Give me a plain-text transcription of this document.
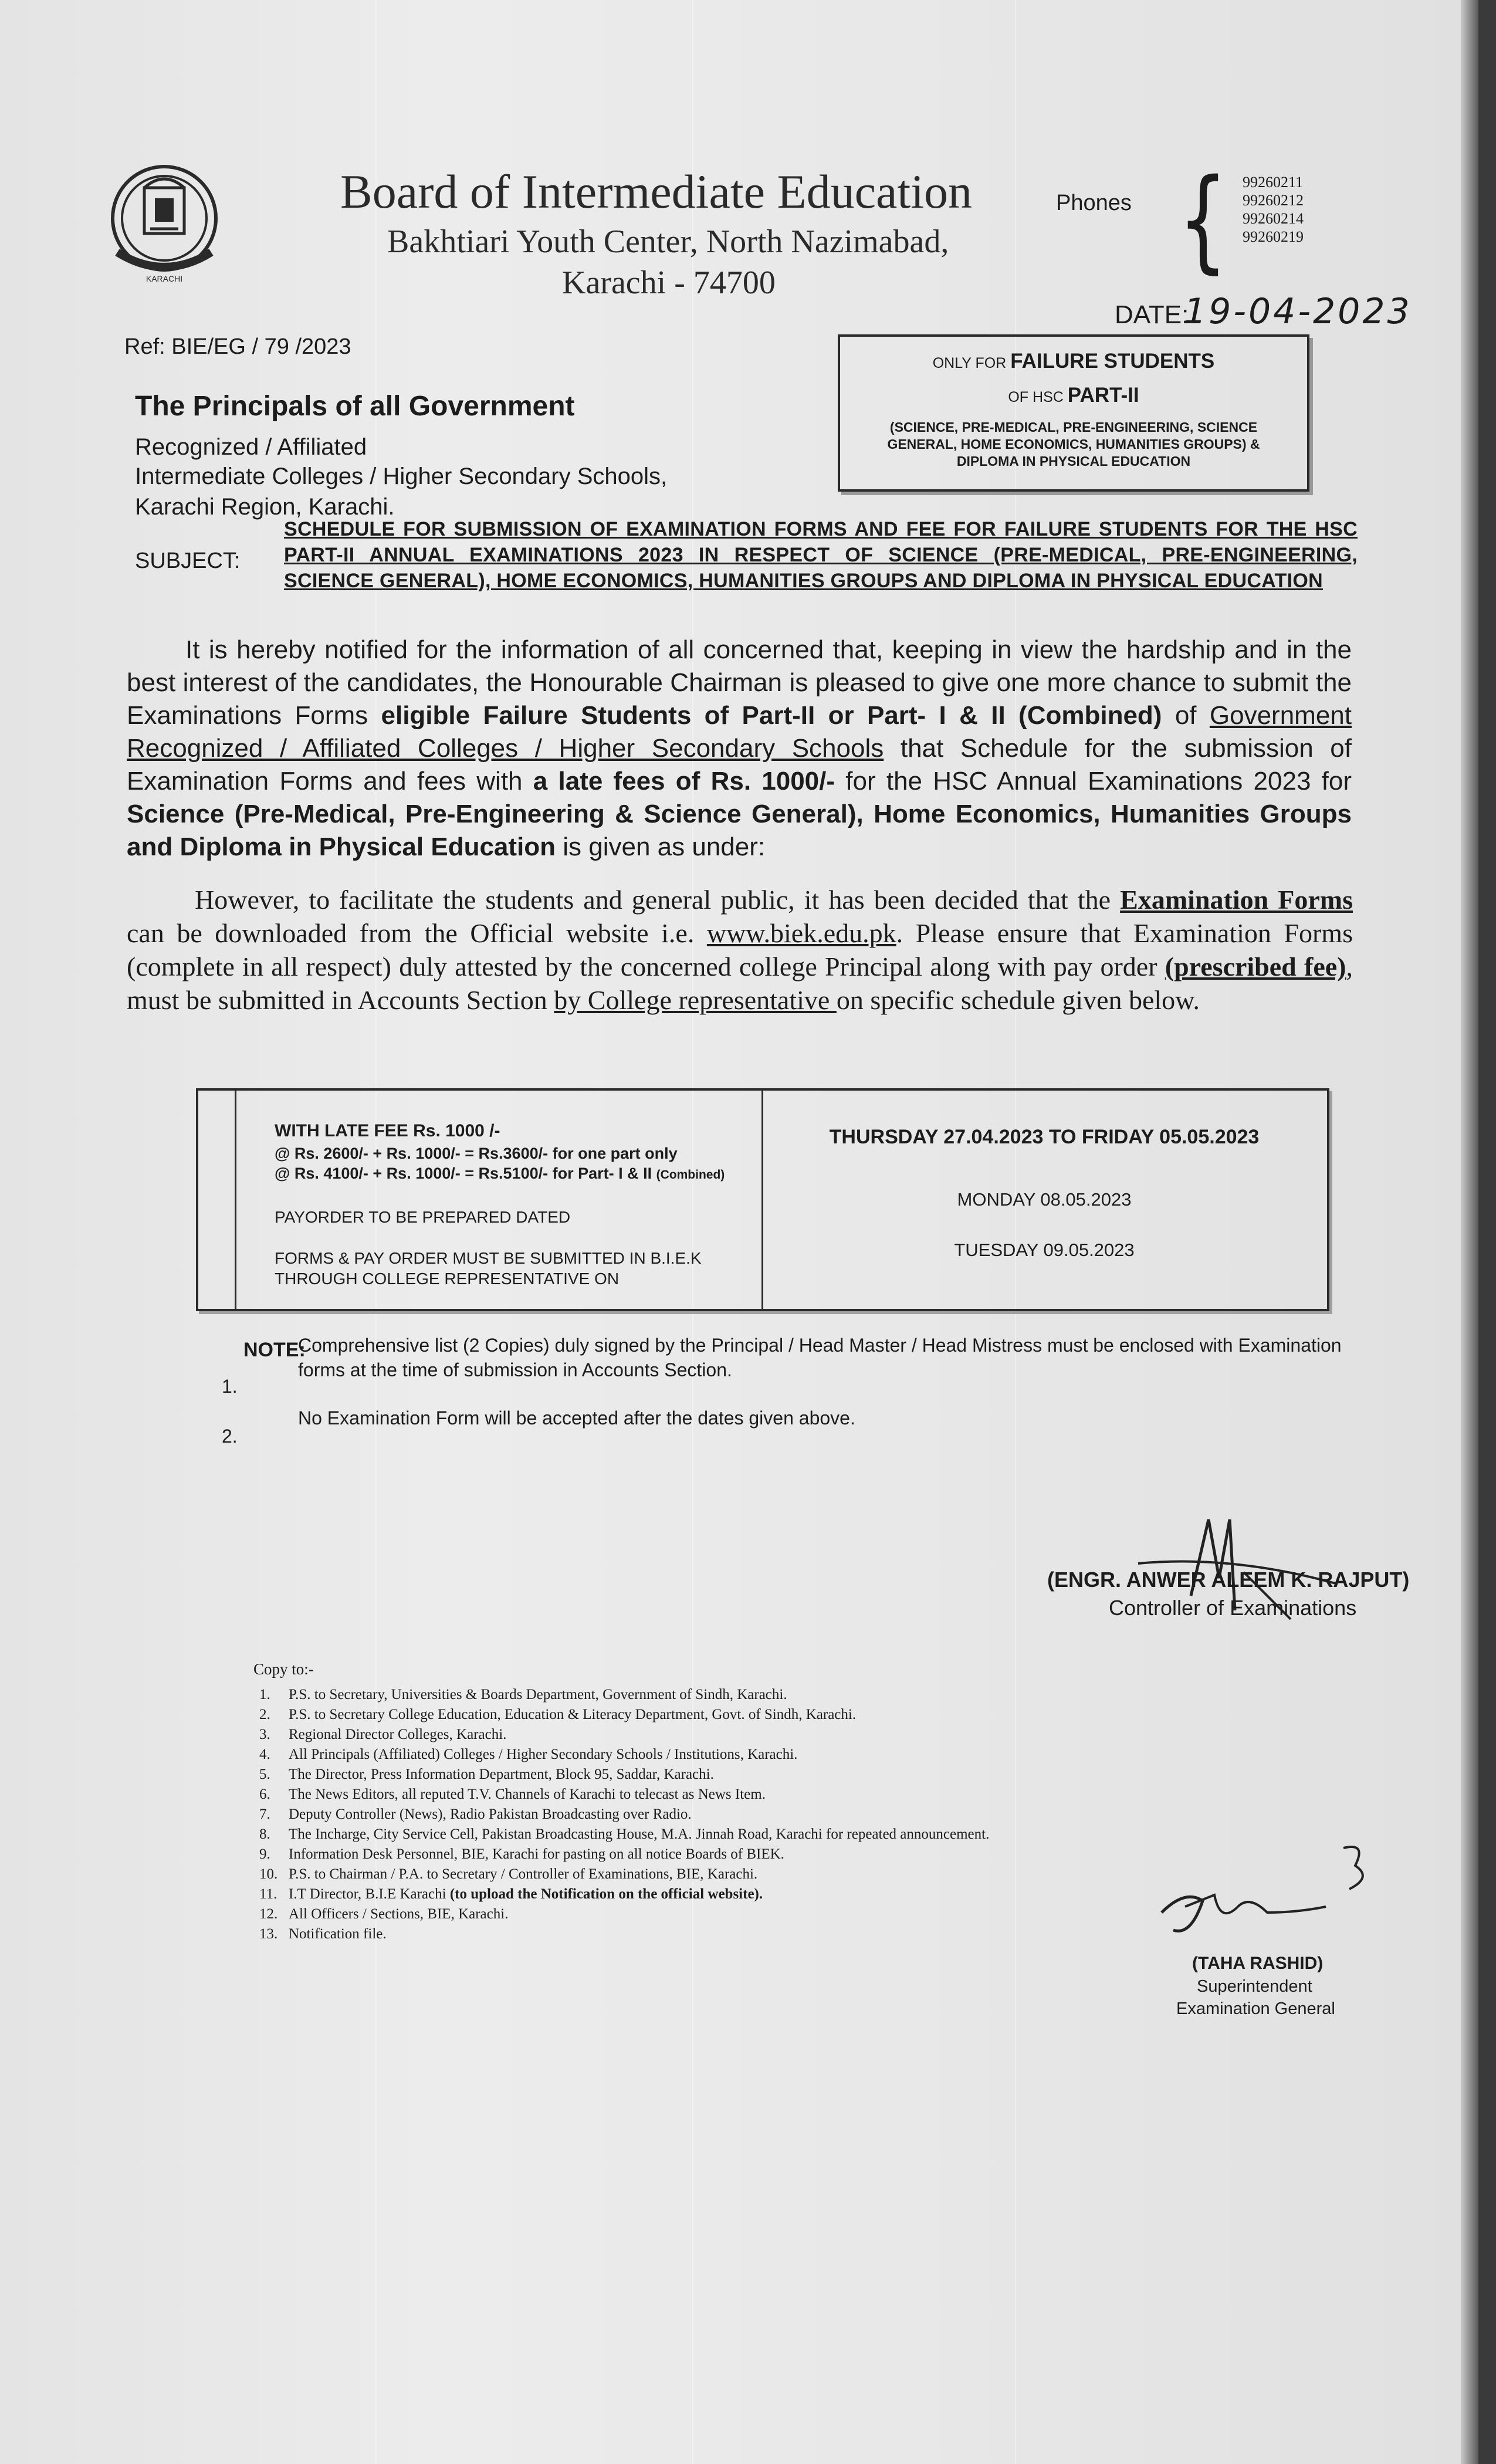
KARACHI
Board of Intermediate Education
Bakhtiari Youth Center, North Nazimabad,
Karachi - 74700
Phones { 99260211
99260212
99260214
99260219
DATE:
19-04-2023
Ref: BIE/EG / 79 /2023
ONLY FOR FAILURE STUDENTS
OF HSC PART-II
(SCIENCE, PRE-MEDICAL, PRE-ENGINEERING, SCIENCE GENERAL, HOME ECONOMICS, HUMANITIES GROUPS) & DIPLOMA IN PHYSICAL EDUCATION
The Principals of all Government
Recognized / Affiliated
Intermediate Colleges / Higher Secondary Schools,
Karachi Region, Karachi.
SUBJECT:
SCHEDULE FOR SUBMISSION OF EXAMINATION FORMS AND FEE FOR FAILURE STUDENTS FOR THE HSC PART-II ANNUAL EXAMINATIONS 2023 IN RESPECT OF SCIENCE (PRE-MEDICAL, PRE-ENGINEERING, SCIENCE GENERAL), HOME ECONOMICS, HUMANITIES GROUPS AND DIPLOMA IN PHYSICAL EDUCATION
It is hereby notified for the information of all concerned that, keeping in view the hardship and in the best interest of the candidates, the Honourable Chairman is pleased to give one more chance to submit the Examinations Forms eligible Failure Students of Part-II or Part- I & II (Combined) of Government Recognized / Affiliated Colleges / Higher Secondary Schools that Schedule for the submission of Examination Forms and fees with a late fees of Rs. 1000/- for the HSC Annual Examinations 2023 for Science (Pre-Medical, Pre-Engineering & Science General), Home Economics, Humanities Groups and Diploma in Physical Education is given as under:
However, to facilitate the students and general public, it has been decided that the Examination Forms can be downloaded from the Official website i.e. www.biek.edu.pk. Please ensure that Examination Forms (complete in all respect) duly attested by the concerned college Principal along with pay order (prescribed fee), must be submitted in Accounts Section by College representative on specific schedule given below.
WITH LATE FEE Rs. 1000 /-
@ Rs. 2600/- + Rs. 1000/- = Rs.3600/- for one part only
@ Rs. 4100/- + Rs. 1000/- = Rs.5100/- for Part- I & II (Combined)
PAYORDER TO BE PREPARED DATED
FORMS & PAY ORDER MUST BE SUBMITTED IN B.I.E.K
THROUGH COLLEGE REPRESENTATIVE ON
THURSDAY 27.04.2023 TO FRIDAY 05.05.2023
MONDAY 08.05.2023
TUESDAY 09.05.2023
NOTE:
1.
Comprehensive list (2 Copies) duly signed by the Principal / Head Master / Head Mistress must be enclosed with Examination forms at the time of submission in Accounts Section.
2.
No Examination Form will be accepted after the dates given above.
(ENGR. ANWER ALEEM K. RAJPUT)
Controller of Examinations
Copy to:-
1. P.S. to Secretary, Universities & Boards Department, Government of Sindh, Karachi.
2. P.S. to Secretary College Education, Education & Literacy Department, Govt. of Sindh, Karachi.
3. Regional Director Colleges, Karachi.
4. All Principals (Affiliated) Colleges / Higher Secondary Schools / Institutions, Karachi.
5. The Director, Press Information Department, Block 95, Saddar, Karachi.
6. The News Editors, all reputed T.V. Channels of Karachi to telecast as News Item.
7. Deputy Controller (News), Radio Pakistan Broadcasting over Radio.
8. The Incharge, City Service Cell, Pakistan Broadcasting House, M.A. Jinnah Road, Karachi for repeated announcement.
9. Information Desk Personnel, BIE, Karachi for pasting on all notice Boards of BIEK.
10. P.S. to Chairman / P.A. to Secretary / Controller of Examinations, BIE, Karachi.
11. I.T Director, B.I.E Karachi (to upload the Notification on the official website).
12. All Officers / Sections, BIE, Karachi.
13. Notification file.
(TAHA RASHID)
Superintendent
Examination General
